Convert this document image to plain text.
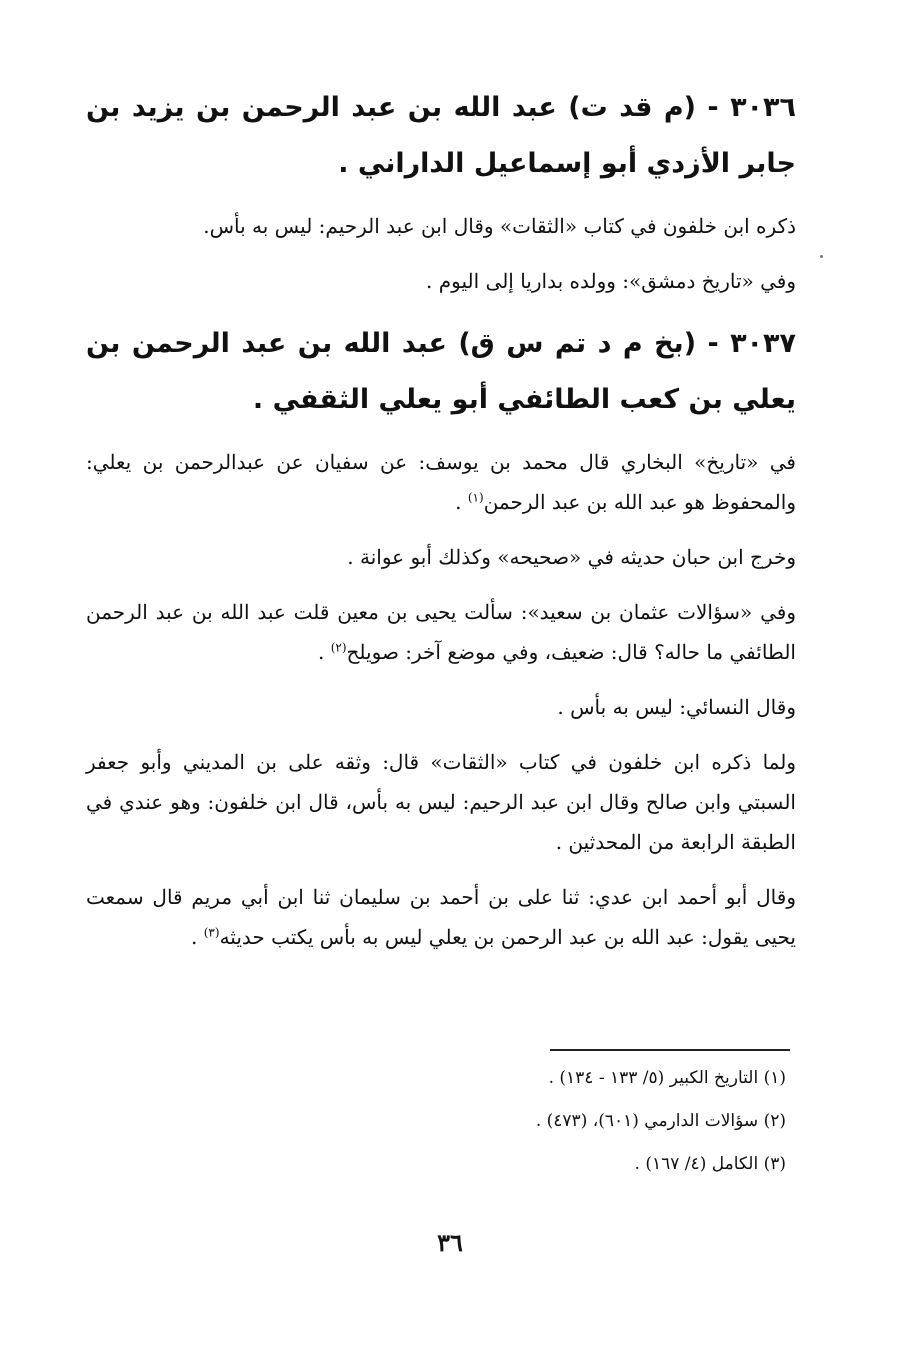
٣٠٣٦ - (م قد ت) عبد الله بن عبد الرحمن بن يزيد بن جابر الأزدي أبو إسماعيل الداراني .

ذكره ابن خلفون في كتاب «الثقات» وقال ابن عبد الرحيم: ليس به بأس.

وفي «تاريخ دمشق»: وولده بداريا إلى اليوم .

٣٠٣٧ - (بخ م د تم س ق) عبد الله بن عبد الرحمن بن يعلي بن كعب الطائفي أبو يعلي الثقفي .

في «تاريخ» البخاري قال محمد بن يوسف: عن سفيان عن عبدالرحمن بن يعلي: والمحفوظ هو عبد الله بن عبد الرحمن$^{(١)}$ .

وخرج ابن حبان حديثه في «صحيحه» وكذلك أبو عوانة .

وفي «سؤالات عثمان بن سعيد»: سألت يحيى بن معين قلت عبد الله بن عبد الرحمن الطائفي ما حاله؟ قال: ضعيف، وفي موضع آخر: صويلح$^{(٢)}$ .

وقال النسائي: ليس به بأس .

ولما ذكره ابن خلفون في كتاب «الثقات» قال: وثقه على بن المديني وأبو جعفر السبتي وابن صالح وقال ابن عبد الرحيم: ليس به بأس، قال ابن خلفون: وهو عندي في الطبقة الرابعة من المحدثين .

وقال أبو أحمد ابن عدي: ثنا على بن أحمد بن سليمان ثنا ابن أبي مريم قال سمعت يحيى يقول: عبد الله بن عبد الرحمن بن يعلي ليس به بأس يكتب حديثه$^{(٣)}$ .

(١) التاريخ الكبير (٥/ ١٣٣ - ١٣٤) .
(٢) سؤالات الدارمي (٦٠١)، (٤٧٣) .
(٣) الكامل (٤/ ١٦٧) .
٣٦
